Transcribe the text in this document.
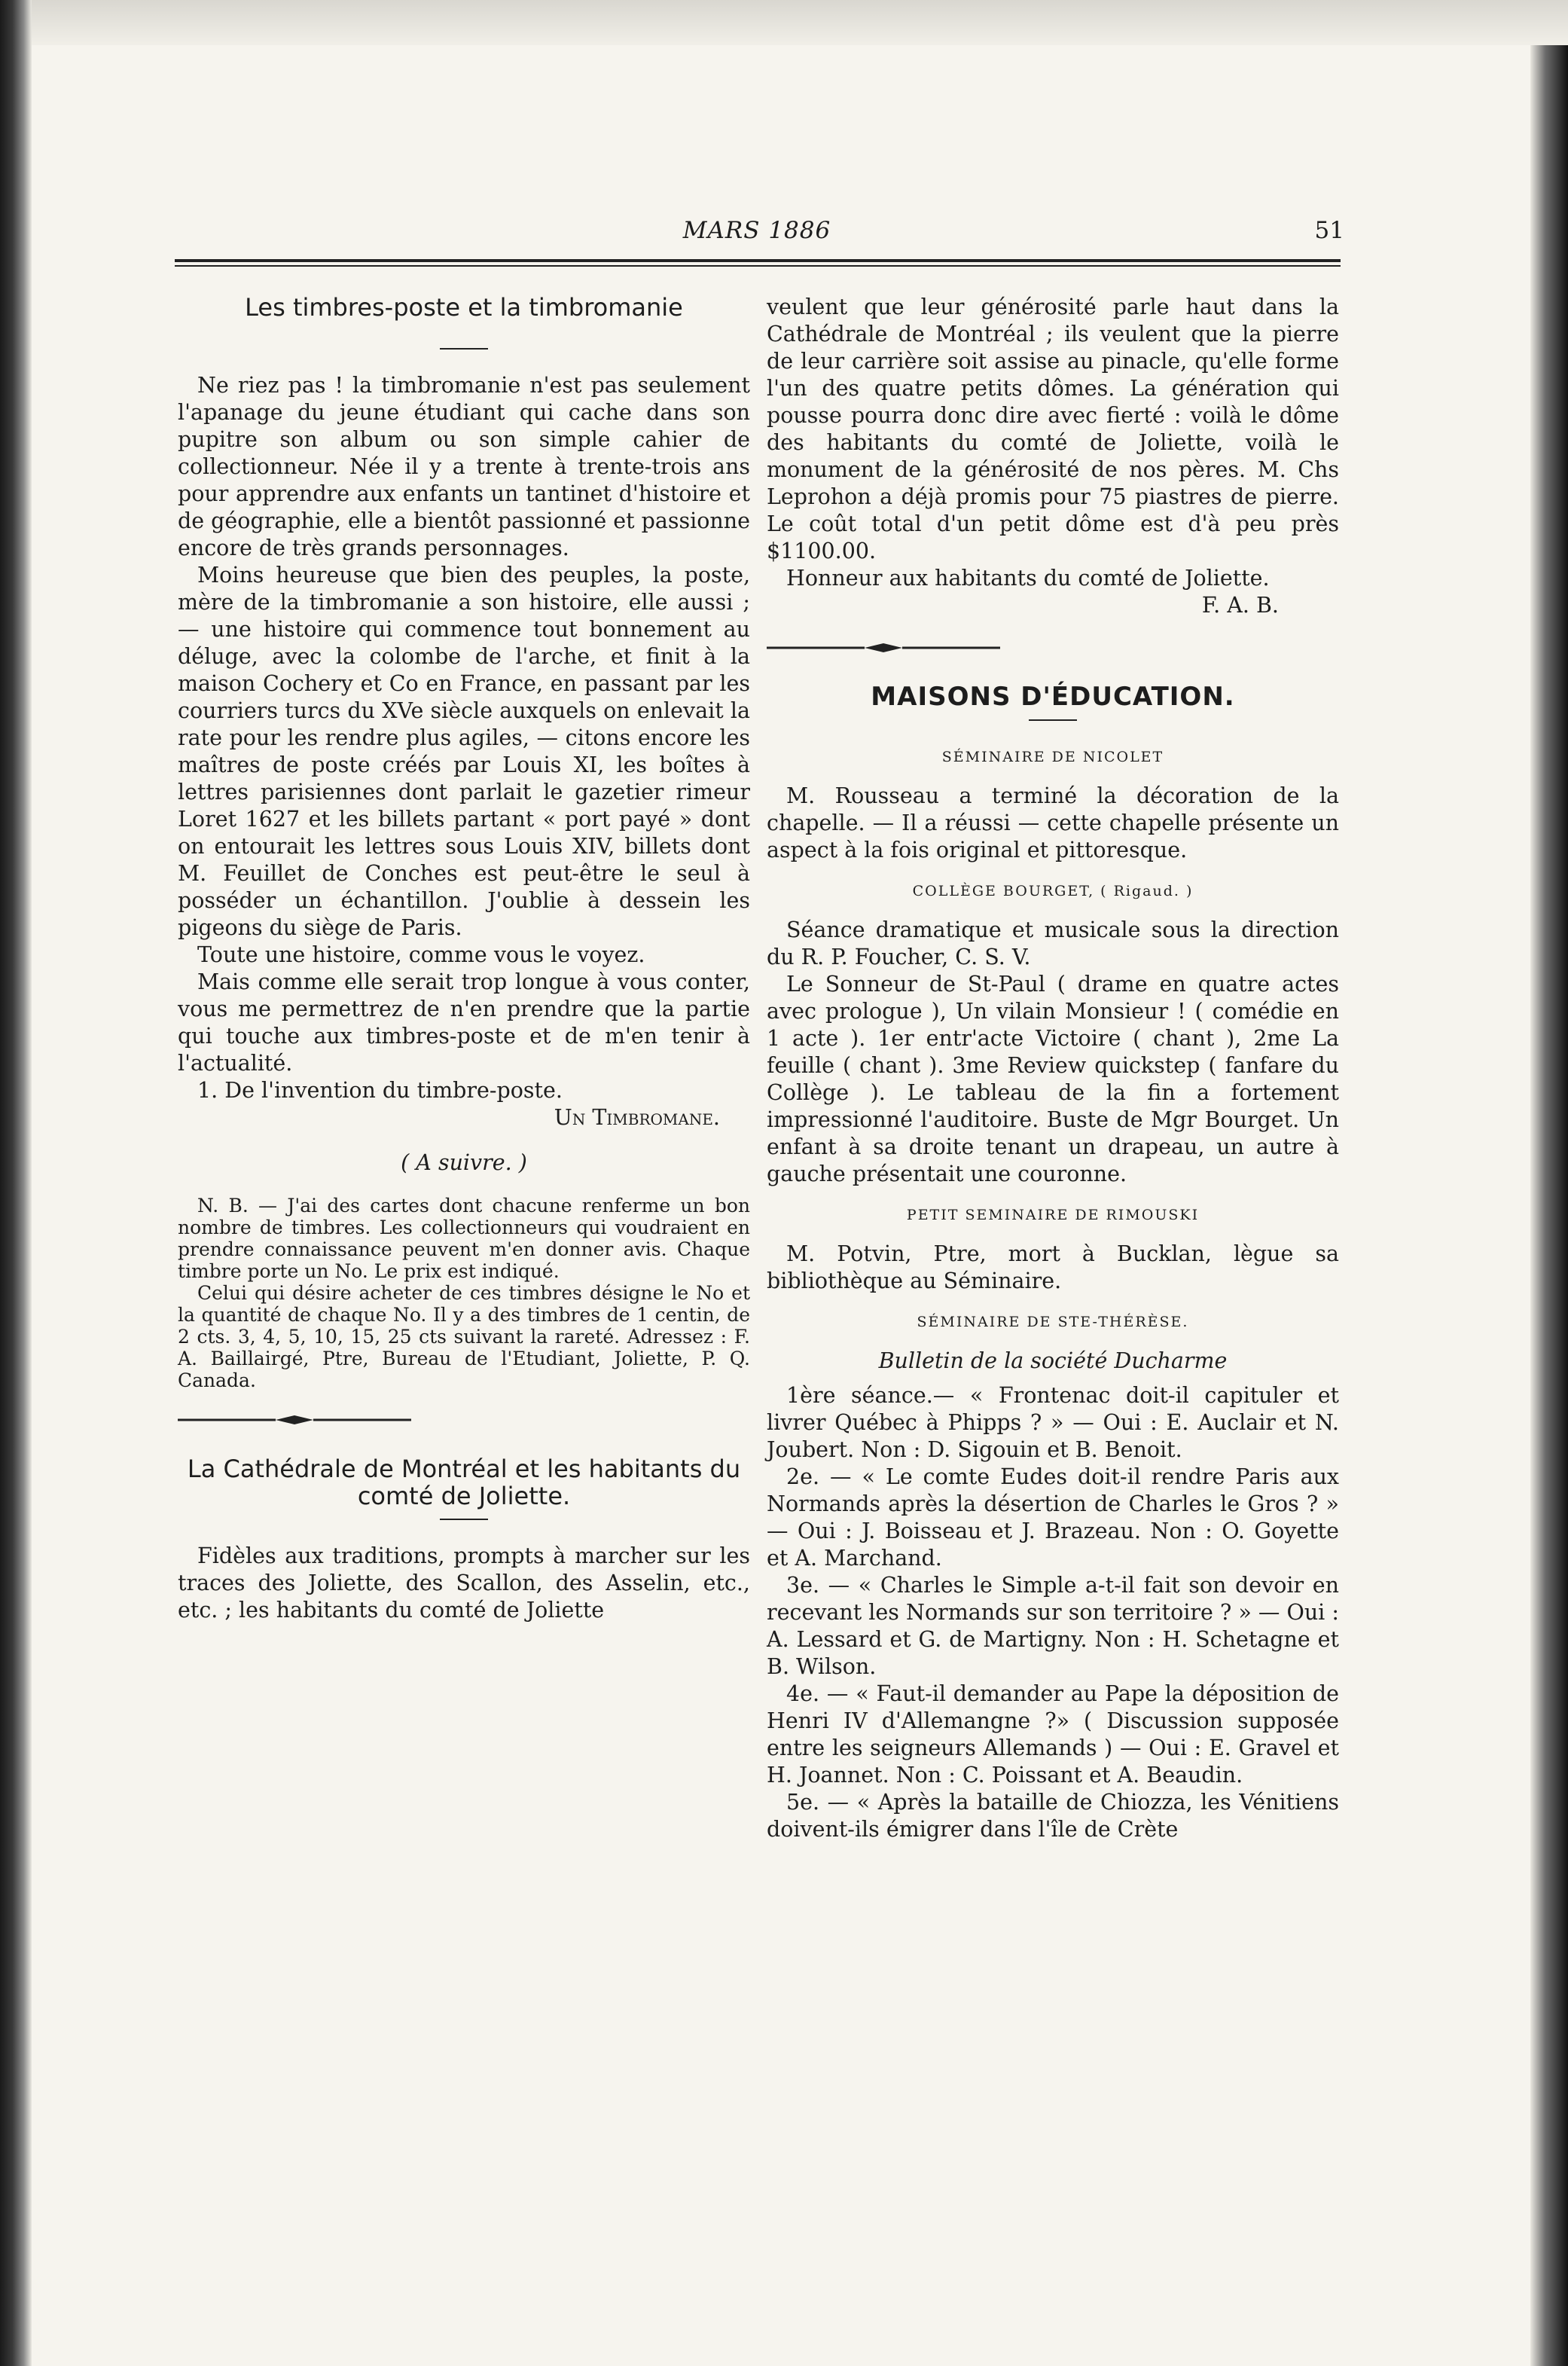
MARS 1886	51
Les timbres-poste et la timbromanie

Ne riez pas ! la timbromanie n'est pas seulement l'apanage du jeune étudiant qui cache dans son pupitre son album ou son simple cahier de collectionneur. Née il y a trente à trente-trois ans pour apprendre aux enfants un tantinet d'histoire et de géographie, elle a bientôt passionné et passionne encore de très grands personnages.

Moins heureuse que bien des peuples, la poste, mère de la timbromanie a son histoire, elle aussi ; — une histoire qui commence tout bonnement au déluge, avec la colombe de l'arche, et finit à la maison Cochery et Co en France, en passant par les courriers turcs du XVe siècle auxquels on enlevait la rate pour les rendre plus agiles, — citons encore les maîtres de poste créés par Louis XI, les boîtes à lettres parisiennes dont parlait le gazetier rimeur Loret 1627 et les billets partant « port payé » dont on entourait les lettres sous Louis XIV, billets dont M. Feuillet de Conches est peut-être le seul à posséder un échantillon. J'oublie à dessein les pigeons du siège de Paris.

Toute une histoire, comme vous le voyez.

Mais comme elle serait trop longue à vous conter, vous me permettrez de n'en prendre que la partie qui touche aux timbres-poste et de m'en tenir à l'actualité.

1. De l'invention du timbre-poste.

Un Timbromane.
( A suivre. )

N. B. — J'ai des cartes dont chacune renferme un bon nombre de timbres. Les collectionneurs qui voudraient en prendre connaissance peuvent m'en donner avis. Chaque timbre porte un No. Le prix est indiqué.

Celui qui désire acheter de ces timbres désigne le No et la quantité de chaque No. Il y a des timbres de 1 centin, de 2 cts. 3, 4, 5, 10, 15, 25 cts suivant la rareté. Adressez : F. A. Baillairgé, Ptre, Bureau de l'Etudiant, Joliette, P. Q. Canada.

La Cathédrale de Montréal et les habitants du comté de Joliette.

Fidèles aux traditions, prompts à marcher sur les traces des Joliette, des Scallon, des Asselin, etc., etc. ; les habitants du comté de Joliette

veulent que leur générosité parle haut dans la Cathédrale de Montréal ; ils veulent que la pierre de leur carrière soit assise au pinacle, qu'elle forme l'un des quatre petits dômes. La génération qui pousse pourra donc dire avec fierté : voilà le dôme des habitants du comté de Joliette, voilà le monument de la générosité de nos pères. M. Chs Leprohon a déjà promis pour 75 piastres de pierre. Le coût total d'un petit dôme est d'à peu près $1100.00.

Honneur aux habitants du comté de Joliette.

F. A. B.
MAISONS D'ÉDUCATION.
SÉMINAIRE DE NICOLET

M. Rousseau a terminé la décoration de la chapelle. — Il a réussi — cette chapelle présente un aspect à la fois original et pittoresque.

COLLÈGE BOURGET, ( Rigaud. )

Séance dramatique et musicale sous la direction du R. P. Foucher, C. S. V.

Le Sonneur de St-Paul ( drame en quatre actes avec prologue ), Un vilain Monsieur ! ( comédie en 1 acte ). 1er entr'acte Victoire ( chant ), 2me La feuille ( chant ). 3me Review quickstep ( fanfare du Collège ). Le tableau de la fin a fortement impressionné l'auditoire. Buste de Mgr Bourget. Un enfant à sa droite tenant un drapeau, un autre à gauche présentait une couronne.

PETIT SEMINAIRE DE RIMOUSKI

M. Potvin, Ptre, mort à Bucklan, lègue sa bibliothèque au Séminaire.

SÉMINAIRE DE STE-THÉRÈSE.
Bulletin de la société Ducharme

1ère séance.— « Frontenac doit-il capituler et livrer Québec à Phipps ? » — Oui : E. Auclair et N. Joubert. Non : D. Sigouin et B. Benoit.

2e. — « Le comte Eudes doit-il rendre Paris aux Normands après la désertion de Charles le Gros ? » — Oui : J. Boisseau et J. Brazeau. Non : O. Goyette et A. Marchand.

3e. — « Charles le Simple a-t-il fait son devoir en recevant les Normands sur son territoire ? » — Oui : A. Lessard et G. de Martigny. Non : H. Schetagne et B. Wilson.

4e. — « Faut-il demander au Pape la déposition de Henri IV d'Allemangne ?» ( Discussion supposée entre les seigneurs Allemands ) — Oui : E. Gravel et H. Joannet. Non : C. Poissant et A. Beaudin.

5e. — « Après la bataille de Chiozza, les Vénitiens doivent-ils émigrer dans l'île de Crète
